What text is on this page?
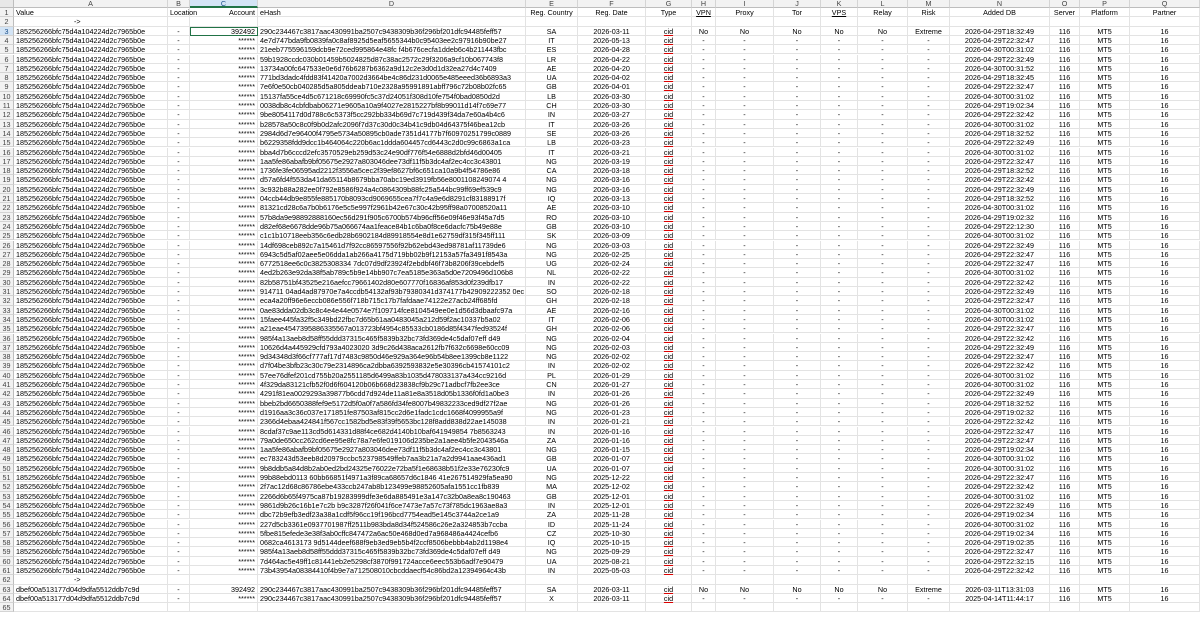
A	B	C	D	E	F	G	H	I	J	K	L	M	N	O	P	Q
1	Value	Location	Account eHash	Reg. Country	Reg. Date	Type	VPN	Proxy	Tor	VPS	Relay	Risk	Added DB	Server	Platform	Partner
2	->
3	185256266bfc75d4a104224d2c7965b0e	-	392492 290c234467c3817aac430991ba2507c9438309b36f296bf201dfc94485feff57	SA	2026-03-11	cid	No	No	No	No	No	Extreme	2026-04-29T18:32:49	116	MT5	16
4	185256266bfc75d4a104224d2c7965b0e	-	****** 4e7d747bda9fb0839fa0c8af8925d5eaf5655344b0c95403ee2c97916b90be27	IT	2026-05-13	cid	-	-	-	-	-	-	2026-04-29T22:32:47	116	MT5	16
5	185256266bfc75d4a104224d2c7965b0e	-	****** 21eeb775596159dcb9e72ced995864e48fc f4b676cecfa1ddeb6c4b211443fbc	ES	2026-04-28	cid	-	-	-	-	-	-	2026-04-30T00:31:02	116	MT5	16
6	185256266bfc75d4a104224d2c7965b0e	-	****** 59b1928ccdc030b01459b5024825d87c38ac2572c29f3206a9cf10b067743f8	LR	2026-04-22	cid	-	-	-	-	-	-	2026-04-29T22:32:49	116	MT5	16
7	185256266bfc75d4a104224d2c7965b0e	-	****** 13734a00fc647533e0e6d76b6287b6362a9d12c2e3d0d1d32ea27d4c7409	AE	2026-04-20	cid	-	-	-	-	-	-	2026-04-30T00:31:52	116	MT5	16
8	185256266bfc75d4a104224d2c7965b0e	-	****** 771bd3dadc4fdd83f41420a7002d3664be4c86d231d0065e485eeed36b6893a3	UA	2026-04-02	cid	-	-	-	-	-	-	2026-04-29T18:32:45	116	MT5	16
9	185256266bfc75d4a104224d2c7965b0e	-	****** 7e6f0e50cb040285d5a805ddeab710e2328a95991891abff796c72b08b02fc65	GB	2026-04-01	cid	-	-	-	-	-	-	2026-04-29T22:32:47	116	MT5	16
10 185256266bfc75d4a104224d2c7965b0e	-	****** 15137fa55ce4d5c671218c69990fc5c37d24051f308d10fe754f0bad0850d2d	LB	2026-03-30	cid	-	-	-	-	-	-	2026-04-30T00:31:02	116	MT5	16
11 185256266bfc75d4a104224d2c7965b0e	-	****** 0038db8c4cbfdbab06271e9605a10a9f4027e2815227bf8b99011d14f7c69e77	CH	2026-03-30	cid	-	-	-	-	-	-	2026-04-29T19:02:34	116	MT5	16
12 185256266bfc75d4a104224d2c7965b0e	-	****** 9be8054117d0d788c6c5373f5cc292bb334b69d7c719d439f34da7e60a4b4c6	IN	2026-03-27	cid	-	-	-	-	-	-	2026-04-29T22:32:42	116	MT5	16
13 185256266bfc75d4a104224d2c7965b0e	-	****** b28578a50c8c0f9b0d2afc2096f7d37c30d0c34b41c9db04d64375f46bea12cb	IT	2026-03-26	cid	-	-	-	-	-	-	2026-04-30T00:31:02	116	MT5	16
14 185256266bfc75d4a104224d2c7965b0e	-	****** 2984d6d7e96400f4795e5734a50895cb0ade7351d4177b7f60970251799c0889	SE	2026-03-26	cid	-	-	-	-	-	-	2026-04-29T18:32:52	116	MT5	16
15 185256266bfc75d4a104224d2c7965b0e	-	****** b6229358fdd9dcc1b464064c220b6ac1ddda604457cd6443c2d0c99c6863a1ca	LB	2026-03-23	cid	-	-	-	-	-	-	2026-04-29T22:32:49	116	MT5	16
16 185256266bfc75d4a104224d2c7965b0e	-	****** bba4d7b6cccd2efc3570529eb259d53c24e90df776f54e6888d2bfd46d00405	IT	2026-03-21	cid	-	-	-	-	-	-	2026-04-30T00:31:02	116	MT5	16
17 185256266bfc75d4a104224d2c7965b0e	-	****** 1aa5fe86abafb9bf05675e2927a803046dee73df11f5b3dc4af2ec4cc3c43801	NG	2026-03-19	cid	-	-	-	-	-	-	2026-04-29T22:32:47	116	MT5	16
18 185256266bfc75d4a104224d2c7965b0e	-	****** 1736fe3fe06595ad2212f3556a5cec2f39ef8627bf6c651ca10a9b4f54786e86	CA	2026-03-18	cid	-	-	-	-	-	-	2026-04-29T18:32:52	116	MT5	16
19 185256266bfc75d4a104224d2c7965b0e	-	****** d57a6fd4f553da41da65114b8679bba70abc19ed3919fb56e8001108249074 4	NG	2026-03-16	cid	-	-	-	-	-	-	2026-04-29T22:32:42	116	MT5	16
20 185256266bfc75d4a104224d2c7965b0e	-	****** 3c932b88a282ee0f792e8586f924a4c0864309b88fc25a544bc99ff69ef539c9	NG	2026-03-16	cid	-	-	-	-	-	-	2026-04-29T22:32:49	116	MT5	16
21 185256266bfc75d4a104224d2c7965b0e	-	****** 04ccb44db9e855fe885170b8093cd9069655cea7f7c4a9e6d8291cf83188917f	IQ	2026-03-13	cid	-	-	-	-	-	-	2026-04-29T18:32:52	116	MT5	16
22 185256266bfc75d4a104224d2c7965b0e	-	****** 81321cd28c6a7b0b6176e5c5e997f2961b42e67c30c42b95ff98a07008520a11	AE	2026-03-10	cid	-	-	-	-	-	-	2026-04-30T00:31:02	116	MT5	16
23 185256266bfc75d4a104224d2c7965b0e	-	****** 57b8da9e98892888160ec56d291f905c6700b574b96cff56e09f46e93f45a7d5	RO	2026-03-10	cid	-	-	-	-	-	-	2026-04-29T19:02:32	116	MT5	16
24 185256266bfc75d4a104224d2c7965b0e	-	****** d82ef68e6678dde96b75a066674aa1feace84b1c6ba0f8ce6dacfc75b49e88e	GB	2026-03-10	cid	-	-	-	-	-	-	2026-04-29T22:12:30	116	MT5	16
25 185256266bfc75d4a104224d2c7965b0e	-	****** c1c1b10718eeb356c6edb28b6902184d89918554e8d1e62759df315f345ff111	SK	2026-03-09	cid	-	-	-	-	-	-	2026-04-30T00:31:02	116	MT5	16
26 185256266bfc75d4a104224d2c7965b0e	-	****** 14df698ceb892c7a15461d7f92cc86597556f92b62ebd43ed98781af11739de6	NG	2026-03-03	cid	-	-	-	-	-	-	2026-04-29T22:32:49	116	MT5	16
27 185256266bfc75d4a104224d2c7965b0e	-	****** 6943c5d5af02aee5e06dda1ab266a4175d719bb02b9f12153a57fa3491f8543a	NG	2026-02-25	cid	-	-	-	-	-	-	2026-04-29T22:32:47	116	MT5	16
28 185256266bfc75d4a104224d2c7965b0e	-	****** 6772518ee6c0c3825308334 7dc07d9df23924f2ebdbf46f73b8206f39cebdef5	UG	2026-02-24	cid	-	-	-	-	-	-	2026-04-29T22:32:47	116	MT5	16
29 185256266bfc75d4a104224d2c7965b0e	-	****** 4ed2b263e92da38f5ab789c5b9e14bb907c7ea5185e363a5d0e7209496d106b8	NL	2026-02-22	cid	-	-	-	-	-	-	2026-04-30T00:31:02	116	MT5	16
30 185256266bfc75d4a104224d2c7965b0e	-	****** 82b58751bf43525e216aefcc79661402d80e607770f16836af853d0f239dfb17	IN	2026-02-22	cid	-	-	-	-	-	-	2026-04-29T22:32:42	116	MT5	16
31 185256266bfc75d4a104224d2c7965b0e	-	****** 914711 04ad4ad87970e7a4ccdb54132af93b79380341d374177b42909222352 0ec	SO	2026-02-18	cid	-	-	-	-	-	-	2026-04-29T22:32:49	116	MT5	16
32 185256266bfc75d4a104224d2c7965b0e	-	****** eca4a20ff96e6eccb086e556f718b715c17b7fafdaae74122e27acb24ff685fd	GH	2026-02-18	cid	-	-	-	-	-	-	2026-04-29T22:32:47	116	MT5	16
33 185256266bfc75d4a104224d2c7965b0e	-	****** 0ae83dda02db3c8c4e4e44e0574e7f109714fce8104549ee0e1d56d3dbaafc97a	AE	2026-02-16	cid	-	-	-	-	-	-	2026-04-30T00:31:02	116	MT5	16
34 185256266bfc75d4a104224d2c7965b0e	-	****** 15faee445fa32f5c349bd22fbc7d65b61aa0483045a212d59f2ac10337b5a02	IT	2026-02-06	cid	-	-	-	-	-	-	2026-04-30T00:31:02	116	MT5	16
35 185256266bfc75d4a104224d2c7965b0e	-	****** a21eae4547395886335567a013723bf4954c85533cb0186d85f4347fed93524f	GH	2026-02-06	cid	-	-	-	-	-	-	2026-04-29T22:32:47	116	MT5	16
36 185256266bfc75d4a104224d2c7965b0e	-	****** 985f4a13aeb8d58ff55ddd37315c465f5839b32bc73fd369de4c5daf07eff d49	NG	2026-02-04	cid	-	-	-	-	-	-	2026-04-29T22:32:42	116	MT5	16
37 185256266bfc75d4a104224d2c7965b0e	-	****** 10626d4a445929cfd793a4023020 3d9c26d438aca2612fb7f632c6698e60cc09	NG	2026-02-03	cid	-	-	-	-	-	-	2026-04-29T22:32:49	116	MT5	16
38 185256266bfc75d4a104224d2c7965b0e	-	****** 9d34348d3f66cf777af17d7483c9850d46e929a364e96b54b8ee1399cb8e1122	NG	2026-02-02	cid	-	-	-	-	-	-	2026-04-29T22:32:47	116	MT5	16
39 185256266bfc75d4a104224d2c7965b0e	-	****** d7f04be3bfb23c30c79e2314896ca2dbba6392593832e5e30396cb41574101c2	IN	2026-02-02	cid	-	-	-	-	-	-	2026-04-29T22:32:42	116	MT5	16
40 185256266bfc75d4a104224d2c7965b0e	-	****** 57ee76dfef201cd755b20a2551185d6499a83b1035d478033137a434cc9216d	PL	2026-01-29	cid	-	-	-	-	-	-	2026-04-30T00:31:02	116	MT5	16
41 185256266bfc75d4a104224d2c7965b0e	-	****** 4f329da83121cfb52f0d6f604120b06b668d23838cf9b29c71adbcf7fb2ee3ce	CN	2026-01-27	cid	-	-	-	-	-	-	2026-04-30T00:31:02	116	MT5	16
42 185256266bfc75d4a104224d2c7965b0e	-	****** 4291f81ea0029293a39877b6cdd7d924de11a81e8a3518d05b1336f0fd1a0be3	IN	2026-01-26	cid	-	-	-	-	-	-	2026-04-29T22:32:49	116	MT5	16
43 185256266bfc75d4a104224d2c7965b0e	-	****** bbeb2bd6650388fef9e5172d5f0a0f7a586fd34fe8007b49832233ced9df27f2ae	NG	2026-01-26	cid	-	-	-	-	-	-	2026-04-29T18:32:52	116	MT5	16
44 185256266bfc75d4a104224d2c7965b0e	-	****** d1916aa3c36c037e171851fe87503af815cc2d6e1fadc1cdc1668f4099955a9f	NG	2026-01-23	cid	-	-	-	-	-	-	2026-04-29T19:02:32	116	MT5	16
45 185256266bfc75d4a104224d2c7965b0e	-	****** 2366d4ebaa424841f567cc1582bd5e83f39f5653bc128f8add838d22ae145038	IN	2026-01-21	cid	-	-	-	-	-	-	2026-04-29T22:32:42	116	MT5	16
46 185256266bfc75d4a104224d2c7965b0e	-	****** 8cdaf37c9ae113cd5d614331d88f4ce682d4140b10baf641949854 7b8563243	IN	2026-01-16	cid	-	-	-	-	-	-	2026-04-29T22:32:47	116	MT5	16
47 185256266bfc75d4a104224d2c7965b0e	-	****** 79a0de650cc262cd6ee95e8fc78a7e6fe019106d235be2a1aee4b5fe2043546a	ZA	2026-01-16	cid	-	-	-	-	-	-	2026-04-29T22:32:47	116	MT5	16
48 185256266bfc75d4a104224d2c7965b0e	-	****** 1aa5fe86abafb9bf05675e2927a803046dee73df11f5b3dc4af2ec4cc3c43801	NG	2026-01-15	cid	-	-	-	-	-	-	2026-04-29T19:02:34	116	MT5	16
49 185256266bfc75d4a104224d2c7965b0e	-	****** ec783243d53eeb8d20979ccbc523798549ffeb7aa3b21a7a2d9941aae436ad1	GB	2026-01-07	cid	-	-	-	-	-	-	2026-04-30T00:31:02	116	MT5	16
50 185256266bfc75d4a104224d2c7965b0e	-	****** 9b8ddb5a84d8b2ab0ed2bd24325e76022e72ba5f1e68638b51f2e33e76230fc9	UA	2026-01-07	cid	-	-	-	-	-	-	2026-04-30T00:31:02	116	MT5	16
51 185256266bfc75d4a104224d2c7965b0e	-	****** 99b88ebd0113 60bb66851f4971a3f89ca68657d6c1846 41e267514929fa5ea90	NG	2025-12-22	cid	-	-	-	-	-	-	2026-04-29T22:32:47	116	MT5	16
52 185256266bfc75d4a104224d2c7965b0e	-	****** 2f7ac12d68c86786ebe433ccb247ab8b123499e98852605afa1551cc1fb839	MA	2025-12-02	cid	-	-	-	-	-	-	2026-04-29T22:32:42	116	MT5	16
53 185256266bfc75d4a104224d2c7965b0e	-	****** 2266d6b65f4975ca87b19283999dfe3e6da885491e3a147c32b0a8ea8c190463	GB	2025-12-01	cid	-	-	-	-	-	-	2026-04-30T00:31:02	116	MT5	16
54 185256266bfc75d4a104224d2c7965b0e	-	****** 9861d9b26c16b1e7c2b b9c3287f26f041f6ce7473e7a57c73f785dc1963ae8a3	IN	2025-12-01	cid	-	-	-	-	-	-	2026-04-29T22:32:49	116	MT5	16
55 185256266bfc75d4a104224d2c7965b0e	-	****** dbc72b9efb3edf23a38a1cdf5f96cc19f196bcd7754ead5e145c3744a2ce1a9	ZA	2025-11-28	cid	-	-	-	-	-	-	2026-04-29T19:02:34	116	MT5	16
56 185256266bfc75d4a104224d2c7965b0e	-	****** 227d5cb3361e0937701987ff2511b983bda8d34f524586c26e2a324853b7ccba	ID	2025-11-24	cid	-	-	-	-	-	-	2026-04-30T00:31:02	116	MT5	16
57 185256266bfc75d4a104224d2c7965b0e	-	****** 5fbe815efede3e38f3ab0cffc847472a6ac50e468d0ed7a968486a4424cefb6	CZ	2025-10-30	cid	-	-	-	-	-	-	2026-04-29T19:02:34	116	MT5	16
58 185256266bfc75d4a104224d2c7965b0e	-	****** 0682ca4613173 9d5144deef688f9eb3ed9eb5b4f2ccf8506bebbb4ab2d1198e4	IQ	2025-10-15	cid	-	-	-	-	-	-	2026-04-29T19:02:35	116	MT5	16
59 185256266bfc75d4a104224d2c7965b0e	-	****** 985f4a13aeb8d58ff55ddd37315c465f5839b32bc73fd369de4c5daf07eff d49	NG	2025-09-29	cid	-	-	-	-	-	-	2026-04-29T22:32:47	116	MT5	16
60 185256266bfc75d4a104224d2c7965b0e	-	****** 7d464ac5e49ff1c81441eb2e5298cf3870f991724acce6eec553b6adf7e90479	UA	2025-08-21	cid	-	-	-	-	-	-	2026-04-29T22:32:15	116	MT5	16
61 185256266bfc75d4a104224d2c7965b0e	-	****** 73b43954a08384410f4b9e7a712508010cbcddaecf54c86bd2a12394964c43b	IN	2025-05-03	cid	-	-	-	-	-	-	2026-04-29T22:32:42	116	MT5	16
62	->
63 dbef00a513177d04d9dfa5512ddb7c9d	-	392492 290c234467c3817aac430991ba2507c9438309b36f296bf201dfc94485feff57	SA	2026-03-11	cid	No	No	No	No	No	Extreme	2026-03-11T13:31:03	116	MT5	16
64 dbef00a513177d04d9dfa5512ddb7c9d	-	****** 290c234467c3817aac430991ba2507c9438309b36f296bf201dfc94485feff57	X	2026-03-11	cid	-	-	-	-	-	-	2025-04-14T11:44:17	116	MT5	16
65
